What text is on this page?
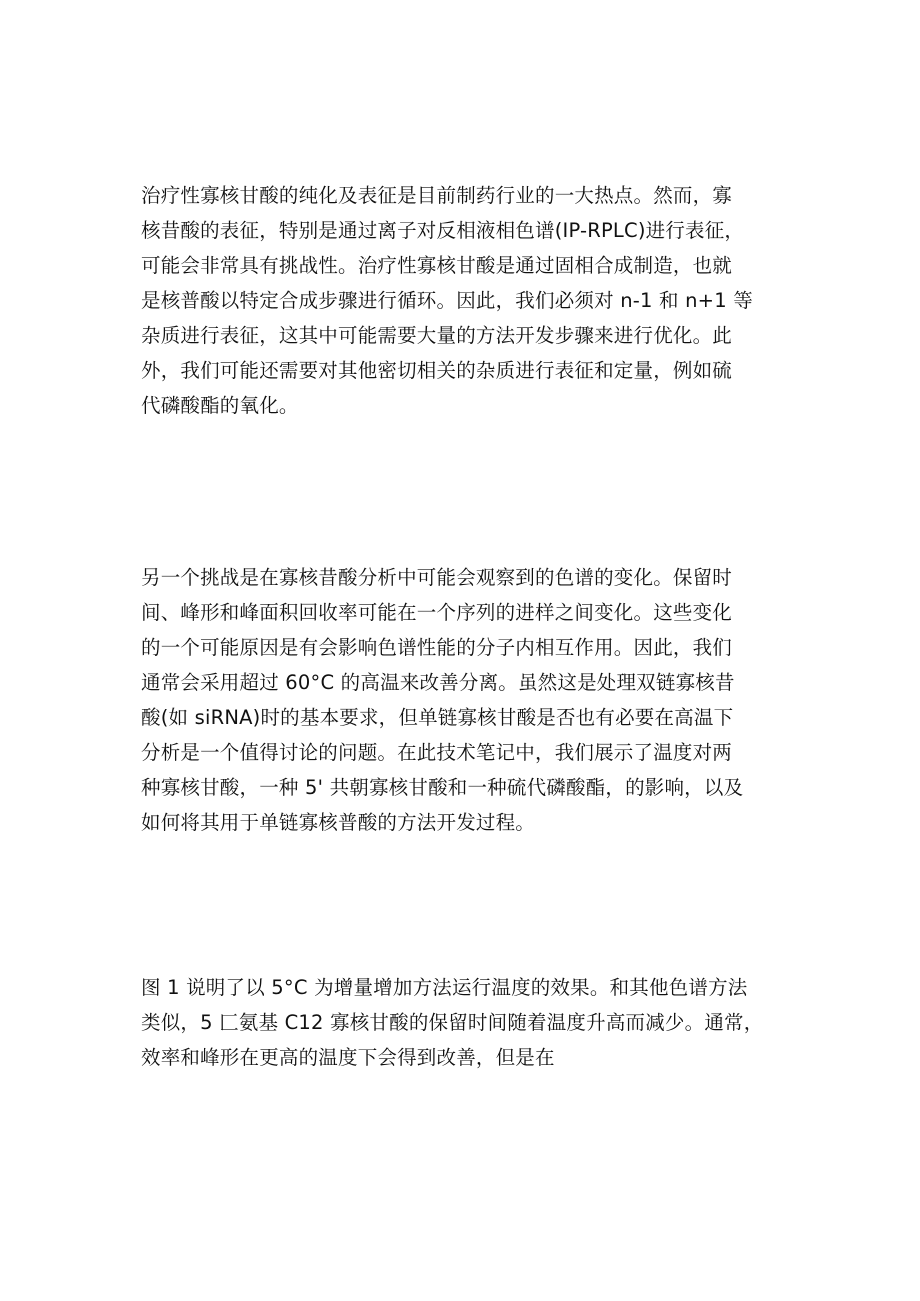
治疗性寡核甘酸的纯化及表征是目前制药行业的一大热点。然而，寡
核昔酸的表征，特别是通过离子对反相液相色谱(IP-RPLC)进行表征，
可能会非常具有挑战性。治疗性寡核甘酸是通过固相合成制造，也就
是核普酸以特定合成步骤进行循环。因此，我们必须对 n-1 和 n+1 等
杂质进行表征，这其中可能需要大量的方法开发步骤来进行优化。此
外，我们可能还需要对其他密切相关的杂质进行表征和定量，例如硫
代磷酸酯的氧化。
另一个挑战是在寡核昔酸分析中可能会观察到的色谱的变化。保留时
间、峰形和峰面积回收率可能在一个序列的进样之间变化。这些变化
的一个可能原因是有会影响色谱性能的分子内相互作用。因此，我们
通常会采用超过 60°C 的高温来改善分离。虽然这是处理双链寡核昔
酸(如 siRNA)时的基本要求，但单链寡核甘酸是否也有必要在高温下
分析是一个值得讨论的问题。在此技术笔记中，我们展示了温度对两
种寡核甘酸，一种 5' 共朝寡核甘酸和一种硫代磷酸酯，的影响，以及
如何将其用于单链寡核普酸的方法开发过程。
图 1 说明了以 5°C 为增量增加方法运行温度的效果。和其他色谱方法
类似，5 匚氨基 C12 寡核甘酸的保留时间随着温度升高而减少。通常，
效率和峰形在更高的温度下会得到改善，但是在
